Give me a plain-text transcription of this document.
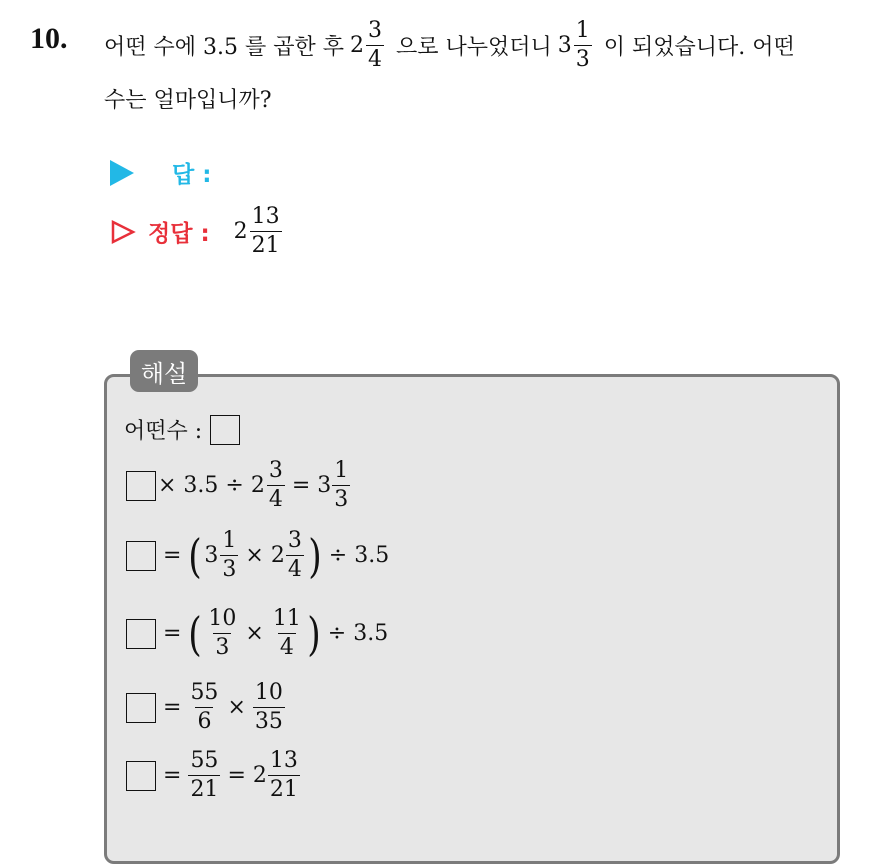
10. 어떤 수에 3.5 를 곱한 후 $2 \frac{3}{4}$ 으로 나누었더니 $3 \frac{1}{3}$ 이 되었습니다. 어떤
수는 얼마입니까?
답 :
정답 : $2 \frac{13}{21}$
해설
어떤수 :
× $3.5 \div 2 \frac{3}{4} = 3 \frac{1}{3}$
= ( $3 \frac{1}{3} \times 2 \frac{3}{4}$ ) ÷ 3.5
= ( $\frac{10}{3} \times \frac{11}{4}$ ) ÷ 3.5
= $\frac{55}{6} \times \frac{10}{35}$
= $\frac{55}{21} = 2 \frac{13}{21}$
